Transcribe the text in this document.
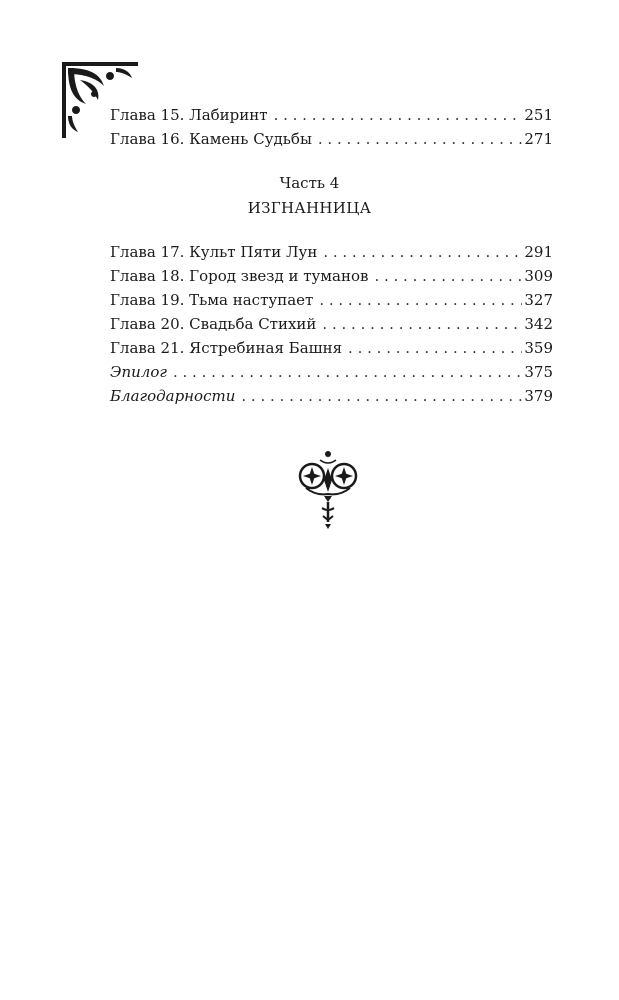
Глава 15. Лабиринт . . .	251
Глава 16. Камень Судьбы . . .	271
Часть 4
ИЗГНАННИЦА
Глава 17. Культ Пяти Лун . . .	291
Глава 18. Город звезд и туманов . . .	309
Глава 19. Тьма наступает . . .	327
Глава 20. Свадьба Стихий . . .	342
Глава 21. Ястребиная Башня . . .	359
Эпилог . . .	375
Благодарности . . .	379
